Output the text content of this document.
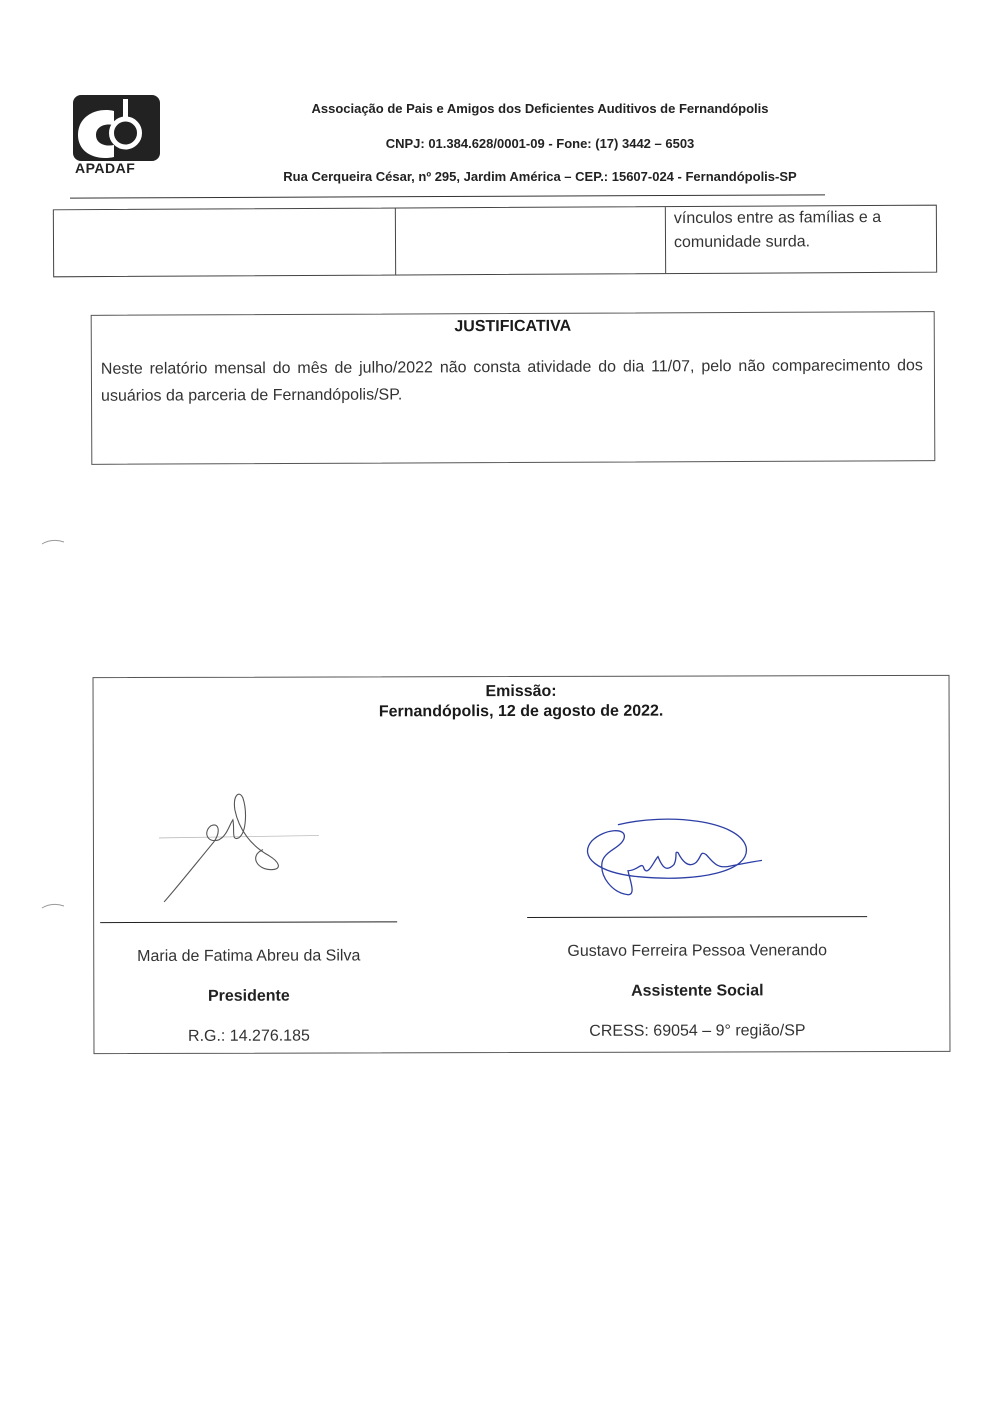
A
APADAF
Associação de Pais e Amigos dos Deficientes Auditivos de Fernandópolis
CNPJ: 01.384.628/0001-09 - Fone: (17) 3442 – 6503
Rua Cerqueira César, nº 295, Jardim América – CEP.: 15607-024 - Fernandópolis-SP
vínculos entre as famílias e a
comunidade surda.
JUSTIFICATIVA
Neste relatório mensal do mês de julho/2022 não consta atividade do dia 11/07, pelo não comparecimento dos usuários da parceria de Fernandópolis/SP.
Emissão:
Fernandópolis, 12 de agosto de 2022.
Maria de Fatima Abreu da Silva
Presidente
R.G.: 14.276.185
Gustavo Ferreira Pessoa Venerando
Assistente Social
CRESS: 69054 – 9° região/SP
